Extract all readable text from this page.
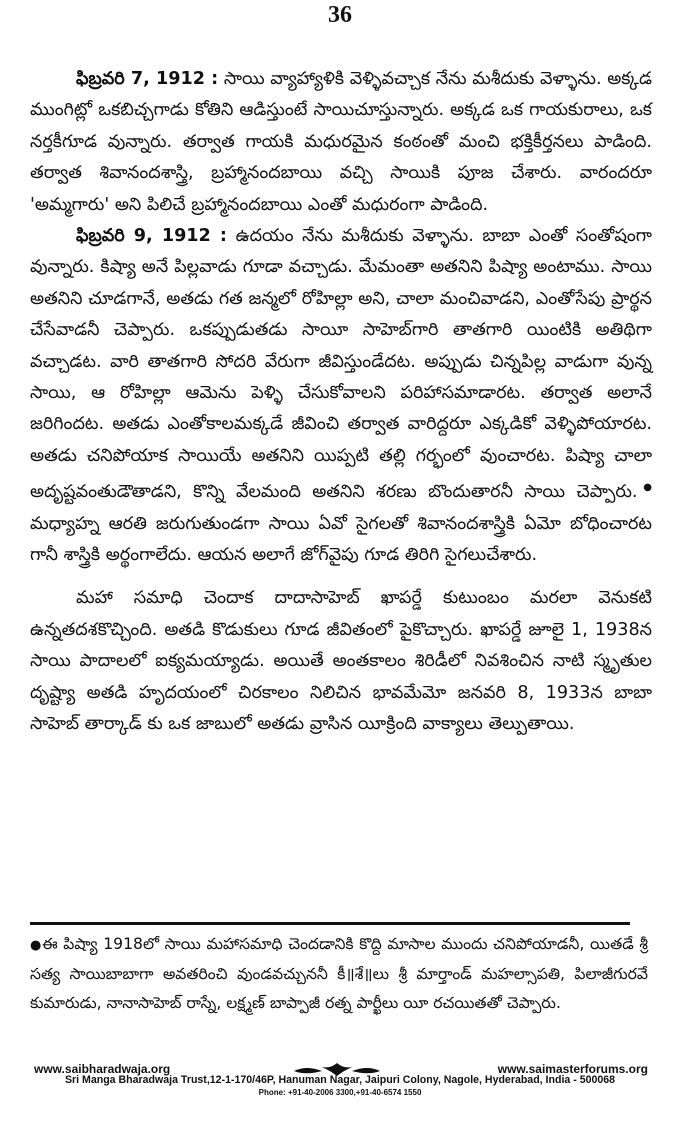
36

ఫిబ్రవరి 7, 1912 : సాయి వ్యాహ్యాళికి వెళ్ళివచ్చాక నేను మశీదుకు వెళ్ళాను. అక్కడ ముంగిట్లో ఒకబిచ్చగాడు కోతిని ఆడిస్తుంటే సాయిచూస్తున్నారు. అక్కడ ఒక గాయకురాలు, ఒక నర్తకీగూడ వున్నారు. తర్వాత గాయకి మధురమైన కంఠంతో మంచి భక్తికీర్తనలు పాడింది. తర్వాత శివానందశాస్త్రి, బ్రహ్మానందబాయి వచ్చి సాయికి పూజ చేశారు. వారందరూ 'అమ్మగారు' అని పిలిచే బ్రహ్మానందబాయి ఎంతో మధురంగా పాడింది.

ఫిబ్రవరి 9, 1912 : ఉదయం నేను మశీదుకు వెళ్ళాను. బాబా ఎంతో సంతోషంగా వున్నారు. కిష్యా అనే పిల్లవాడు గూడా వచ్చాడు. మేమంతా అతనిని పిష్యా అంటాము. సాయి అతనిని చూడగానే, అతడు గత జన్మలో రోహిల్లా అని, చాలా మంచివాడని, ఎంతోసేపు ప్రార్థన చేసేవాడనీ చెప్పారు. ఒకప్పుడుతడు సాయీ సాహెబ్‌గారి తాతగారి యింటికి అతిథిగా వచ్చాడట. వారి తాతగారి సోదరి వేరుగా జీవిస్తుండేదట. అప్పుడు చిన్నపిల్ల వాడుగా వున్న సాయి, ఆ రోహిల్లా ఆమెను పెళ్ళి చేసుకోవాలని పరిహాసమాడారట. తర్వాత అలానే జరిగిందట. అతడు ఎంతోకాలమక్కడే జీవించి తర్వాత వారిద్దరూ ఎక్కడికో వెళ్ళిపోయారట. అతడు చనిపోయాక సాయియే అతనిని యిప్పటి తల్లి గర్భంలో వుంచారట. పిష్యా చాలా అదృష్టవంతుడౌతాడని, కొన్ని వేలమంది అతనిని శరణు బొందుతారనీ సాయి చెప్పారు.● మధ్యాహ్న ఆరతి జరుగుతుండగా సాయి ఏవో సైగలతో శివానందశాస్త్రికి ఏమో బోధించారట గానీ శాస్త్రికి అర్థంగాలేదు. ఆయన అలాగే జోగ్‌వైపు గూడ తిరిగి సైగలుచేశారు.

మహా సమాధి చెందాక దాదాసాహెబ్ ఖాపర్డే కుటుంబం మరలా వెనుకటి ఉన్నతదశకొచ్చింది. అతడి కొడుకులు గూడ జీవితంలో పైకొచ్చారు. ఖాపర్డే జూలై 1, 1938న సాయి పాదాలలో ఐక్యమయ్యాడు. అయితే అంతకాలం శిరిడీలో నివశించిన నాటి స్మృతుల దృష్ట్యా అతడి హృదయంలో చిరకాలం నిలిచిన భావమేమో జనవరి 8, 1933న బాబా సాహెబ్ తార్కాడ్ కు ఒక జాబులో అతడు వ్రాసిన యీక్రింది వాక్యాలు తెల్పుతాయి.

●ఈ పిష్యా 1918లో సాయి మహాసమాధి చెందడానికి కొద్ది మాసాల ముందు చనిపోయాడనీ, యితడే శ్రీ సత్య సాయిబాబాగా అవతరించి వుండవచ్చుననీ కీ॥శే॥లు శ్రీ మార్తాండ్ మహల్సాపతి, పిలాజీగురవే కుమారుడు, నానాసాహెబ్ రాస్నే, లక్ష్మణ్ బాప్పాజీ రత్న పార్ఖీలు యీ రచయితతో చెప్పారు.
www.saibharadwaja.org	www.saimasterforums.org
Sri Manga Bharadwaja Trust,12-1-170/46P, Hanuman Nagar, Jaipuri Colony, Nagole, Hyderabad, India - 500068
Phone: +91-40-2006 3300,+91-40-6574 1550
